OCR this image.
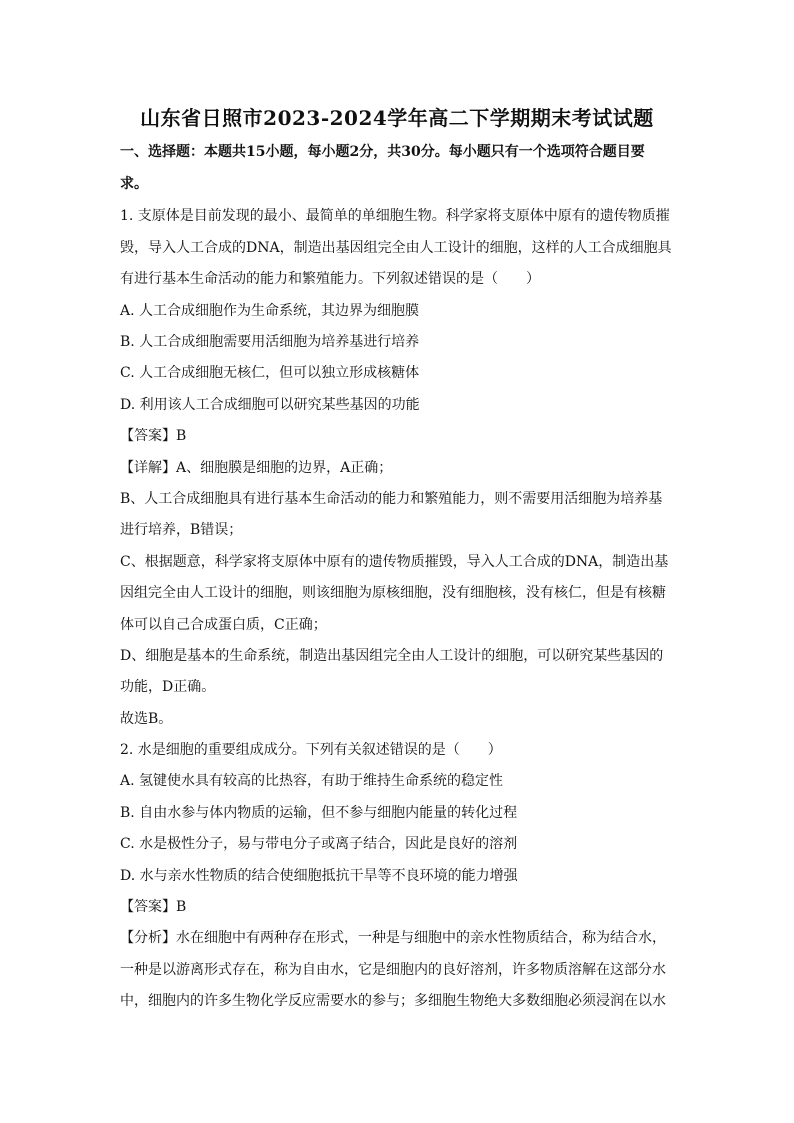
山东省日照市2023-2024学年高二下学期期末考试试题
一、选择题：本题共15小题，每小题2分，共30分。每小题只有一个选项符合题目要
求。
1. 支原体是目前发现的最小、最简单的单细胞生物。科学家将支原体中原有的遗传物质摧
毁，导入人工合成的DNA，制造出基因组完全由人工设计的细胞，这样的人工合成细胞具
有进行基本生命活动的能力和繁殖能力。下列叙述错误的是（　　）
A. 人工合成细胞作为生命系统，其边界为细胞膜
B. 人工合成细胞需要用活细胞为培养基进行培养
C. 人工合成细胞无核仁，但可以独立形成核糖体
D. 利用该人工合成细胞可以研究某些基因的功能
【答案】B
【详解】A、细胞膜是细胞的边界，A正确；
B、人工合成细胞具有进行基本生命活动的能力和繁殖能力，则不需要用活细胞为培养基
进行培养，B错误；
C、根据题意，科学家将支原体中原有的遗传物质摧毁，导入人工合成的DNA，制造出基
因组完全由人工设计的细胞，则该细胞为原核细胞，没有细胞核，没有核仁，但是有核糖
体可以自己合成蛋白质，C正确；
D、细胞是基本的生命系统，制造出基因组完全由人工设计的细胞，可以研究某些基因的
功能，D正确。
故选B。
2. 水是细胞的重要组成成分。下列有关叙述错误的是（　　）
A. 氢键使水具有较高的比热容，有助于维持生命系统的稳定性
B. 自由水参与体内物质的运输，但不参与细胞内能量的转化过程
C. 水是极性分子，易与带电分子或离子结合，因此是良好的溶剂
D. 水与亲水性物质的结合使细胞抵抗干旱等不良环境的能力增强
【答案】B
【分析】水在细胞中有两种存在形式，一种是与细胞中的亲水性物质结合，称为结合水，
一种是以游离形式存在，称为自由水，它是细胞内的良好溶剂，许多物质溶解在这部分水
中，细胞内的许多生物化学反应需要水的参与；多细胞生物绝大多数细胞必须浸润在以水
